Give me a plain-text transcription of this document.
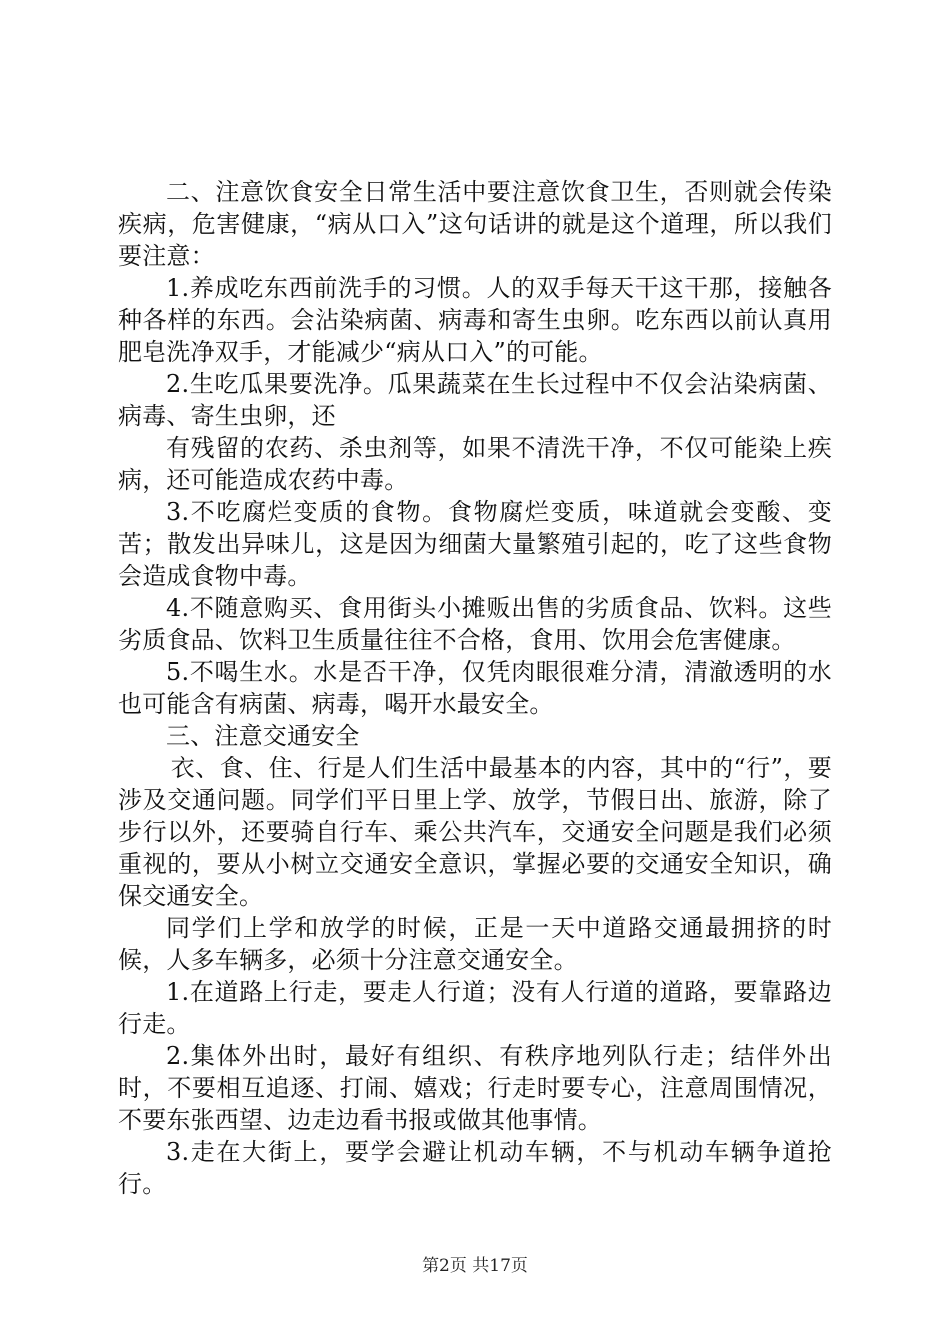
二、注意饮食安全日常生活中要注意饮食卫生，否则就会传染疾病，危害健康，“病从口入”这句话讲的就是这个道理，所以我们要注意：

1.养成吃东西前洗手的习惯。人的双手每天干这干那，接触各种各样的东西。会沾染病菌、病毒和寄生虫卵。吃东西以前认真用肥皂洗净双手，才能减少“病从口入”的可能。

2.生吃瓜果要洗净。瓜果蔬菜在生长过程中不仅会沾染病菌、病毒、寄生虫卵，还

有残留的农药、杀虫剂等，如果不清洗干净，不仅可能染上疾病，还可能造成农药中毒。

3.不吃腐烂变质的食物。食物腐烂变质，味道就会变酸、变苦；散发出异味儿，这是因为细菌大量繁殖引起的，吃了这些食物会造成食物中毒。

4.不随意购买、食用街头小摊贩出售的劣质食品、饮料。这些劣质食品、饮料卫生质量往往不合格，食用、饮用会危害健康。

5.不喝生水。水是否干净，仅凭肉眼很难分清，清澈透明的水也可能含有病菌、病毒，喝开水最安全。

三、注意交通安全

衣、食、住、行是人们生活中最基本的内容，其中的“行”，要涉及交通问题。同学们平日里上学、放学，节假日出、旅游，除了步行以外，还要骑自行车、乘公共汽车，交通安全问题是我们必须重视的，要从小树立交通安全意识，掌握必要的交通安全知识，确保交通安全。

同学们上学和放学的时候，正是一天中道路交通最拥挤的时候，人多车辆多，必须十分注意交通安全。

1.在道路上行走，要走人行道；没有人行道的道路，要靠路边行走。

2.集体外出时，最好有组织、有秩序地列队行走；结伴外出时，不要相互追逐、打闹、嬉戏；行走时要专心，注意周围情况，不要东张西望、边走边看书报或做其他事情。

3.走在大街上，要学会避让机动车辆，不与机动车辆争道抢行。

第2页 共17页
